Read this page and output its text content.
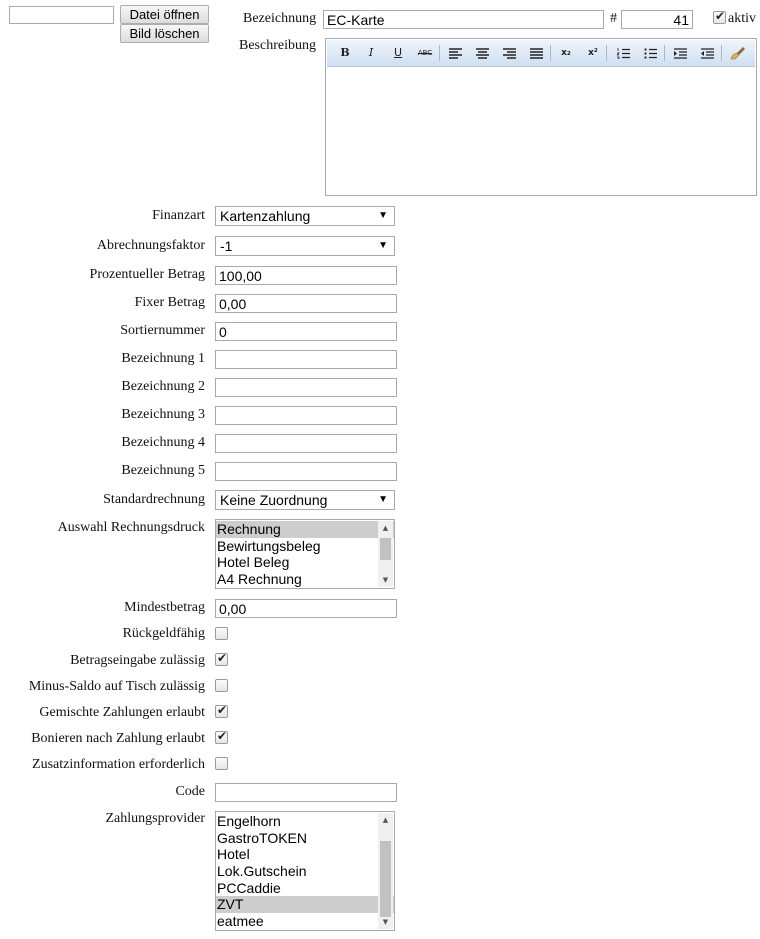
Datei öffnen
Bild löschen
Bezeichnung
EC-Karte	#
41
✔	aktiv
Beschreibung	B	I	U	ABC	x₂	x²
Finanzart	Kartenzahlung	▼
Abrechnungsfaktor	-1	▼
Prozentueller Betrag
100,00
Fixer Betrag
0,00
Sortiernummer
0
Bezeichnung 1
Bezeichnung 2
Bezeichnung 3
Bezeichnung 4
Bezeichnung 5
Standardrechnung	Keine Zuordnung	▼
Auswahl Rechnungsdruck Rechnung
Bewirtungsbeleg
Hotel Beleg
A4 Rechnung
▲
▼
Mindestbetrag
0,00
Rückgeldfähig
Betragseingabe zulässig
✔
Minus-Saldo auf Tisch zulässig
Gemischte Zahlungen erlaubt
✔
Bonieren nach Zahlung erlaubt
✔
Zusatzinformation erforderlich
Code
Zahlungsprovider Engelhorn
GastroTOKEN
Hotel
Lok.Gutschein
PCCaddie
ZVT
eatmee
▲
▼
